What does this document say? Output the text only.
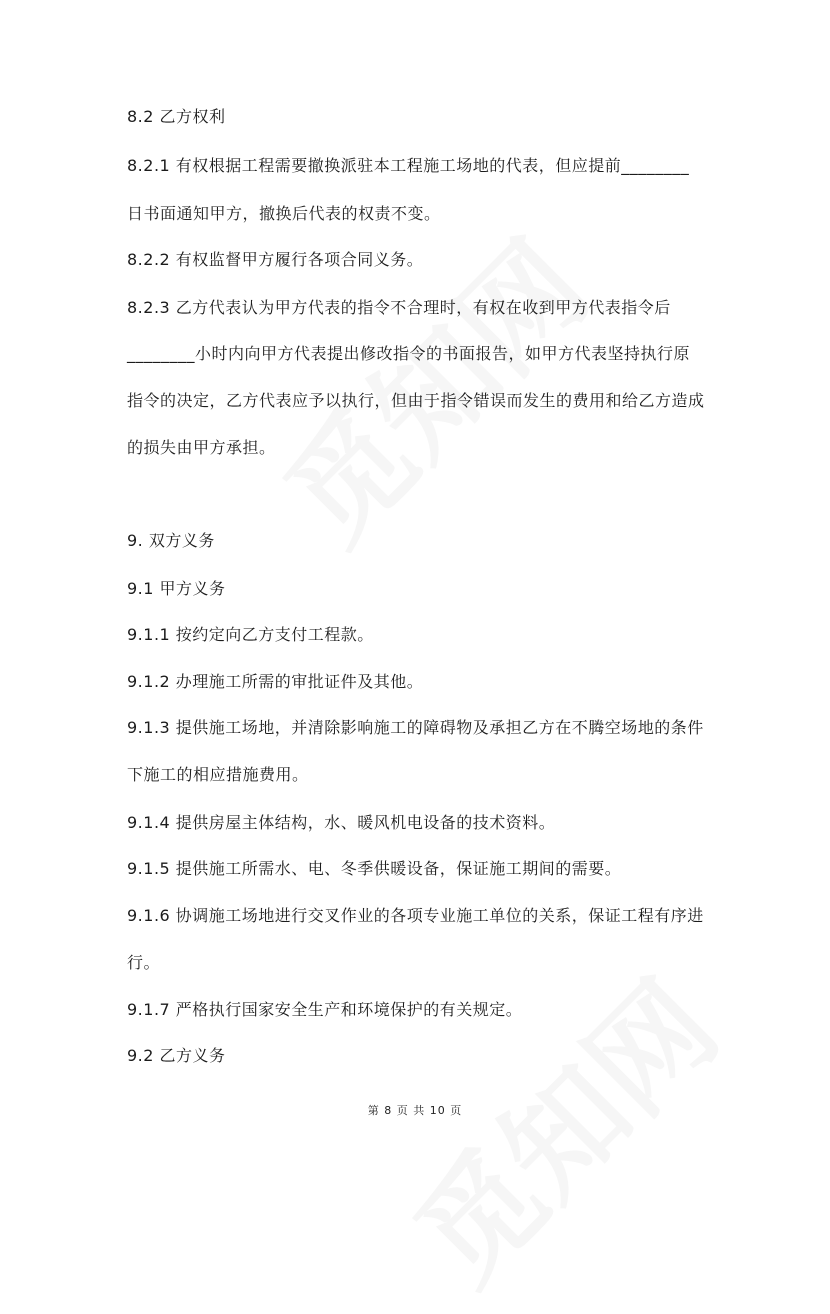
8.2 乙方权利
8.2.1 有权根据工程需要撤换派驻本工程施工场地的代表，但应提前________
日书面通知甲方，撤换后代表的权责不变。
8.2.2 有权监督甲方履行各项合同义务。
8.2.3 乙方代表认为甲方代表的指令不合理时，有权在收到甲方代表指令后
________小时内向甲方代表提出修改指令的书面报告，如甲方代表坚持执行原
指令的决定，乙方代表应予以执行，但由于指令错误而发生的费用和给乙方造成
的损失由甲方承担。
9. 双方义务
9.1 甲方义务
9.1.1 按约定向乙方支付工程款。
9.1.2 办理施工所需的审批证件及其他。
9.1.3 提供施工场地，并清除影响施工的障碍物及承担乙方在不腾空场地的条件
下施工的相应措施费用。
9.1.4 提供房屋主体结构，水、暖风机电设备的技术资料。
9.1.5 提供施工所需水、电、冬季供暖设备，保证施工期间的需要。
9.1.6 协调施工场地进行交叉作业的各项专业施工单位的关系，保证工程有序进
行。
9.1.7 严格执行国家安全生产和环境保护的有关规定。
9.2 乙方义务
第 8 页 共 10 页
